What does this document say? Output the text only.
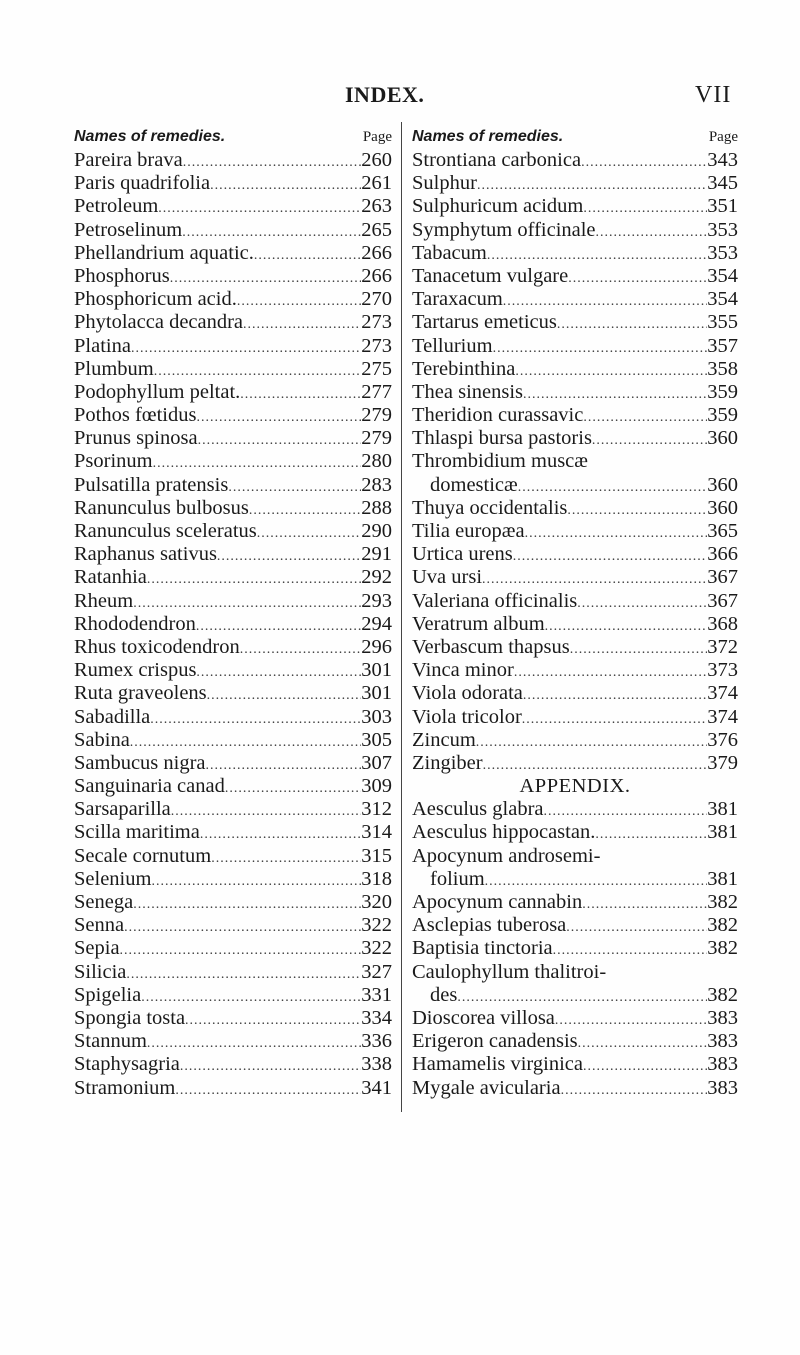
INDEX.	VII
Names of remedies.	Page
Pareira brava .....	260
Paris quadrifolia .....	261
Petroleum .....	263
Petroselinum .....	265
Phellandrium aquatic. .....	266
Phosphorus .....	266
Phosphoricum acid. .....	270
Phytolacca decandra .....	273
Platina .....	273
Plumbum .....	275
Podophyllum peltat. .....	277
Pothos fœtidus .....	279
Prunus spinosa .....	279
Psorinum .....	280
Pulsatilla pratensis .....	283
Ranunculus bulbosus .....	288
Ranunculus sceleratus .....	290
Raphanus sativus .....	291
Ratanhia .....	292
Rheum .....	293
Rhododendron .....	294
Rhus toxicodendron .....	296
Rumex crispus .....	301
Ruta graveolens .....	301
Sabadilla .....	303
Sabina .....	305
Sambucus nigra .....	307
Sanguinaria canad .....	309
Sarsaparilla .....	312
Scilla maritima .....	314
Secale cornutum .....	315
Selenium .....	318
Senega .....	320
Senna .....	322
Sepia .....	322
Silicia .....	327
Spigelia .....	331
Spongia tosta .....	334
Stannum .....	336
Staphysagria .....	338
Stramonium .....	341
Names of remedies.	Page
Strontiana carbonica .....	343
Sulphur .....	345
Sulphuricum acidum .....	351
Symphytum officinale .....	353
Tabacum .....	353
Tanacetum vulgare .....	354
Taraxacum .....	354
Tartarus emeticus .....	355
Tellurium .....	357
Terebinthina .....	358
Thea sinensis .....	359
Theridion curassavic .....	359
Thlaspi bursa pastoris .....	360
Thrombidium muscæ
domesticæ .....	360
Thuya occidentalis .....	360
Tilia europæa .....	365
Urtica urens .....	366
Uva ursi .....	367
Valeriana officinalis .....	367
Veratrum album .....	368
Verbascum thapsus .....	372
Vinca minor .....	373
Viola odorata .....	374
Viola tricolor .....	374
Zincum .....	376
Zingiber .....	379
APPENDIX.
Aesculus glabra .....	381
Aesculus hippocastan. .....	381
Apocynum androsemi-
folium .....	381
Apocynum cannabin .....	382
Asclepias tuberosa .....	382
Baptisia tinctoria .....	382
Caulophyllum thalitroi-
des .....	382
Dioscorea villosa .....	383
Erigeron canadensis .....	383
Hamamelis virginica .....	383
Mygale avicularia .....	383
